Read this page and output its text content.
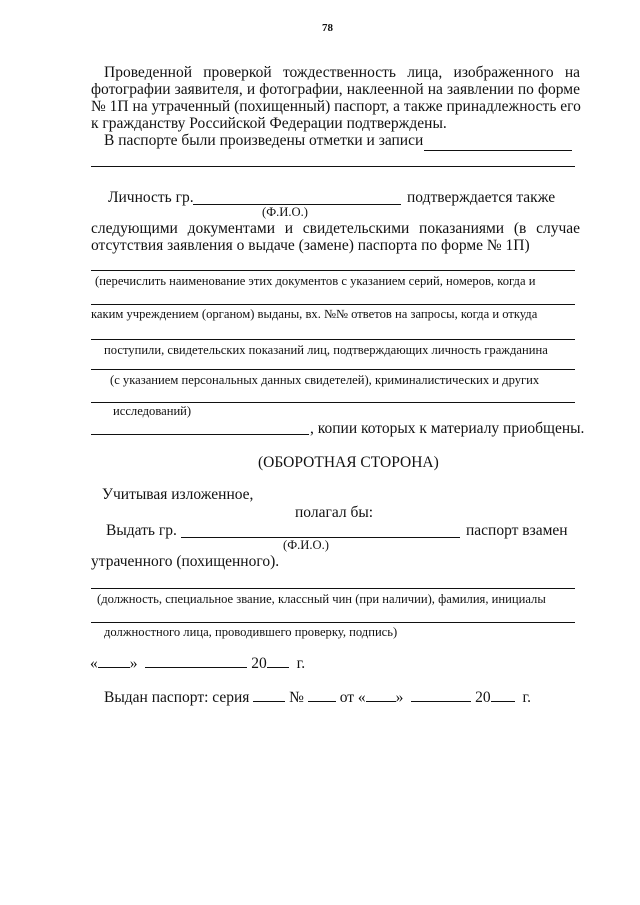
78
Проведенной проверкой тождественность лица, изображенного на
фотографии заявителя, и фотографии, наклеенной на заявлении по форме
№ 1П на утраченный (похищенный) паспорт, а также принадлежность его
к гражданству Российской Федерации подтверждены.
В паспорте были произведены отметки и записи
Личность гр.	подтверждается также
(Ф.И.О.)
следующими документами и свидетельскими показаниями (в случае
отсутствия заявления о выдаче (замене) паспорта по форме № 1П)
(перечислить наименование этих документов с указанием серий, номеров, когда и
каким учреждением (органом) выданы, вх. №№ ответов на запросы, когда и откуда
поступили, свидетельских показаний лиц, подтверждающих личность гражданина
(с указанием персональных данных свидетелей), криминалистических и других
исследований)
, копии которых к материалу приобщены.
(ОБОРОТНАЯ СТОРОНА)
Учитывая изложенное,
полагал бы:
Выдать гр.	паспорт взамен
(Ф.И.О.)
утраченного (похищенного).
(должность, специальное звание, классный чин (при наличии), фамилия, инициалы
должностного лица, проводившего проверку, подпись)
« »	20 г.
Выдан паспорт: серия	№ от « »	20 г.
